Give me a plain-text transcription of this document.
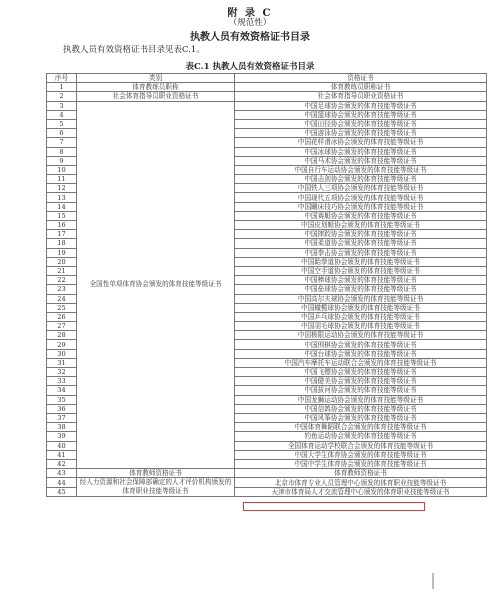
附 录 C
（规范性）
执教人员有效资格证书目录
执教人员有效资格证书目录见表C.1。
表C.1 执教人员有效资格证书目录
序号	类别	资格证书
1	体育教练员职称	体育教练员职称证书
2	社会体育指导员职业资格证书	社会体育指导员职业资格证书
3	全国性单项体育协会颁发的体育技能等级证书	中国足球协会颁发的体育技能等级证书
4		中国篮球协会颁发的体育技能等级证书
5		中国田径协会颁发的体育技能等级证书
6		中国游泳协会颁发的体育技能等级证书
7		中国花样滑冰协会颁发的体育技能等级证书
8		中国冰球协会颁发的体育技能等级证书
9		中国马术协会颁发的体育技能等级证书
10		中国自行车运动协会颁发的体育技能等级证书
11		中国击剑协会颁发的体育技能等级证书
12		中国铁人三项协会颁发的体育技能等级证书
13		中国现代五项协会颁发的体育技能等级证书
14		中国蹦床技巧协会颁发的体育技能等级证书
15		中国赛艇协会颁发的体育技能等级证书
16		中国皮划艇协会颁发的体育技能等级证书
17		中国摔跤协会颁发的体育技能等级证书
18		中国柔道协会颁发的体育技能等级证书
19		中国拳击协会颁发的体育技能等级证书
20		中国跆拳道协会颁发的体育技能等级证书
21		中国空手道协会颁发的体育技能等级证书
22		中国棒球协会颁发的体育技能等级证书
23		中国垒球协会颁发的体育技能等级证书
24		中国高尔夫球协会颁发的体育技能等级证书
25		中国橄榄球协会颁发的体育技能等级证书
26		中国乒乓球协会颁发的体育技能等级证书
27		中国羽毛球协会颁发的体育技能等级证书
28		中国极限运动协会颁发的体育技能等级证书
29		中国围棋协会颁发的体育技能等级证书
30		中国台球协会颁发的体育技能等级证书
31		中国汽车摩托车运动联合会颁发的体育技能等级证书
32		中国飞镖协会颁发的体育技能等级证书
33		中国健美协会颁发的体育技能等级证书
34		中国拔河协会颁发的体育技能等级证书
35		中国龙狮运动协会颁发的体育技能等级证书
36		中国信鸽协会颁发的体育技能等级证书
37		中国风筝协会颁发的体育技能等级证书
38		中国体育舞蹈联合会颁发的体育技能等级证书
39		钓鱼运动协会颁发的体育技能等级证书
40		全国体育运动学校联合会颁发的体育技能等级证书
41		中国大学生体育协会颁发的体育技能等级证书
42		中国中学生体育协会颁发的体育技能等级证书
43	体育教师资格证书	体育教师资格证书
44	经人力资源和社会保障部确定的人才评价机构颁发的体育职业技能等级证书	北京市体育专业人员管理中心颁发的体育职业技能等级证书
45		天津市体育局人才交流管理中心颁发的体育职业技能等级证书
